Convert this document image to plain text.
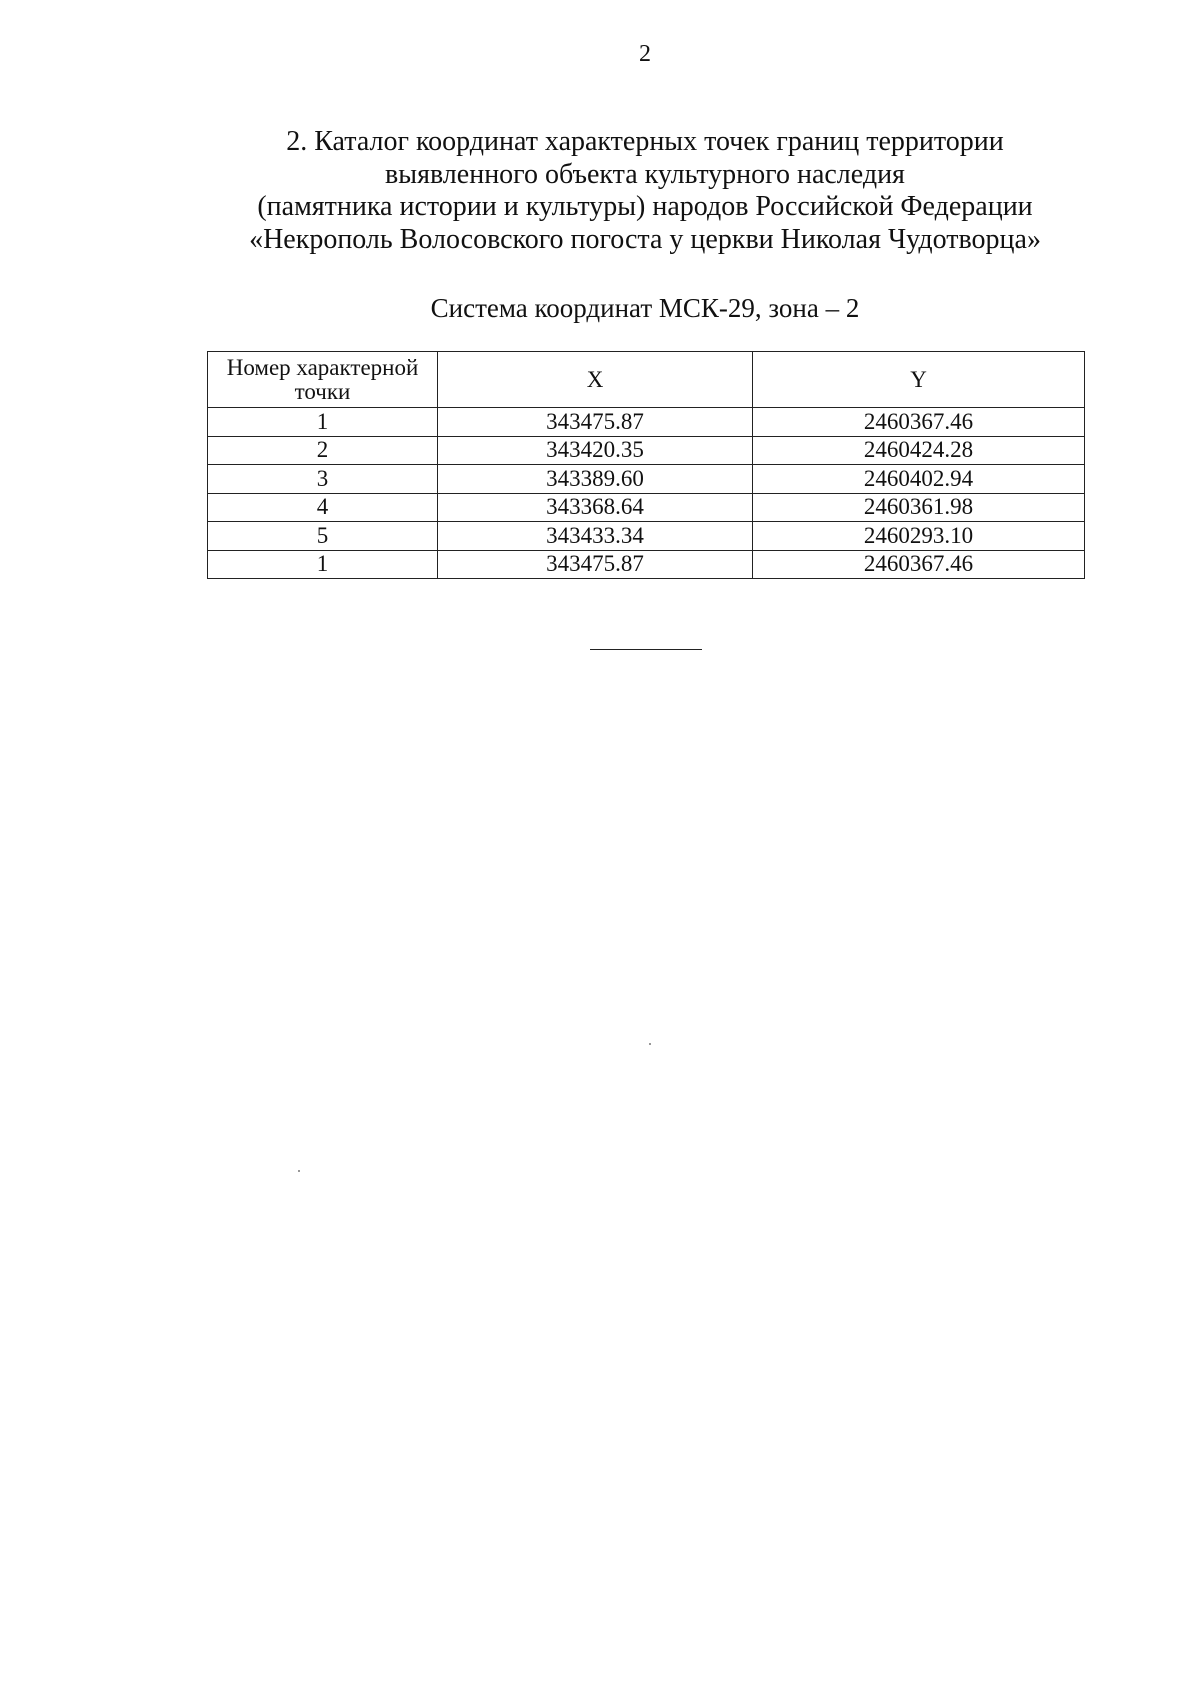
2
2. Каталог координат характерных точек границ территории
выявленного объекта культурного наследия
(памятника истории и культуры) народов Российской Федерации
«Некрополь Волосовского погоста у церкви Николая Чудотворца»
Система координат МСК-29, зона – 2
Номер характерной точки	X	Y
1	343475.87	2460367.46
2	343420.35	2460424.28
3	343389.60	2460402.94
4	343368.64	2460361.98
5	343433.34	2460293.10
1	343475.87	2460367.46
